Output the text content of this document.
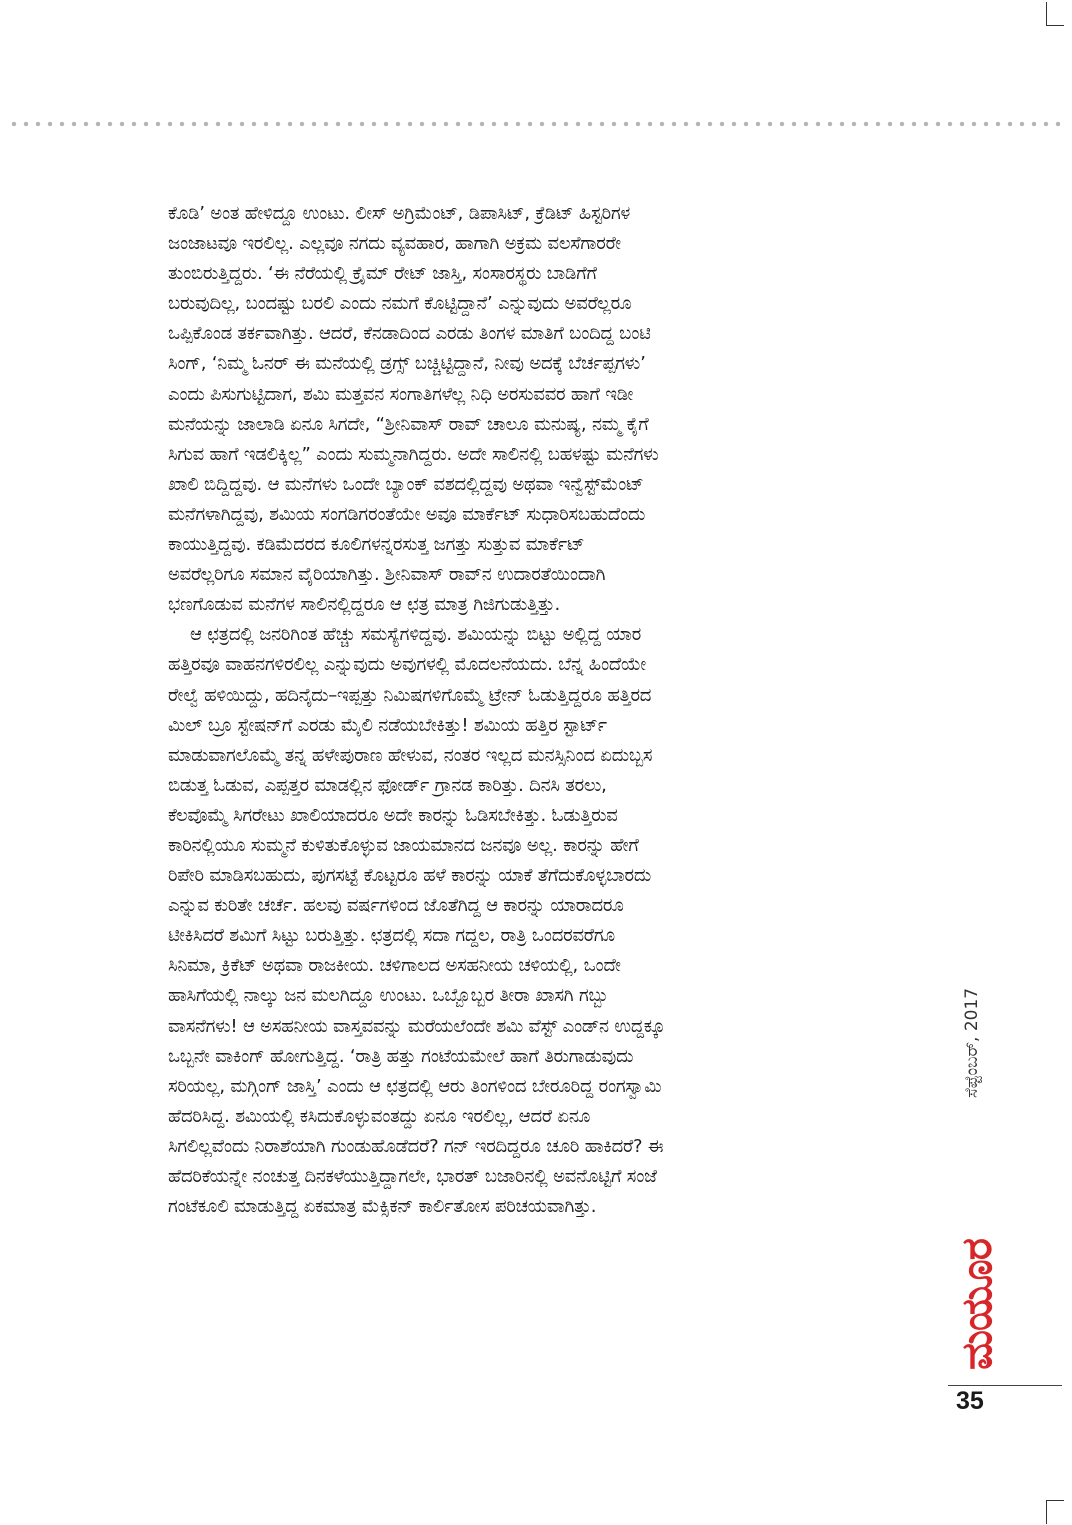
ಕೊಡಿ’ ಅಂತ ಹೇಳಿದ್ದೂ ಉಂಟು. ಲೀಸ್ ಅಗ್ರಿಮೆಂಟ್, ಡಿಪಾಸಿಟ್, ಕ್ರೆಡಿಟ್ ಹಿಸ್ಟರಿಗಳ
ಜಂಜಾಟವೂ ಇರಲಿಲ್ಲ. ಎಲ್ಲವೂ ನಗದು ವ್ಯವಹಾರ, ಹಾಗಾಗಿ ಅಕ್ರಮ ವಲಸೆಗಾರರೇ
ತುಂಬಿರುತ್ತಿದ್ದರು. ‘ಈ ನೆರೆಯಲ್ಲಿ ಕ್ರೈಮ್ ರೇಟ್ ಜಾಸ್ತಿ, ಸಂಸಾರಸ್ಥರು ಬಾಡಿಗೆಗೆ
ಬರುವುದಿಲ್ಲ, ಬಂದಷ್ಟು ಬರಲಿ ಎಂದು ನಮಗೆ ಕೊಟ್ಟಿದ್ದಾನೆ’ ಎನ್ನುವುದು ಅವರೆಲ್ಲರೂ
ಒಪ್ಪಿಕೊಂಡ ತರ್ಕವಾಗಿತ್ತು. ಆದರೆ, ಕೆನಡಾದಿಂದ ಎರಡು ತಿಂಗಳ ಮಾತಿಗೆ ಬಂದಿದ್ದ ಬಂಟಿ
ಸಿಂಗ್, ‘ನಿಮ್ಮ ಓನರ್ ಈ ಮನೆಯಲ್ಲಿ ಡ್ರಗ್ಸ್ ಬಚ್ಚಿಟ್ಟಿದ್ದಾನೆ, ನೀವು ಅದಕ್ಕೆ ಬೆರ್ಚಪ್ಪಗಳು’
ಎಂದು ಪಿಸುಗುಟ್ಟಿದಾಗ, ಶಮಿ ಮತ್ತವನ ಸಂಗಾತಿಗಳೆಲ್ಲ ನಿಧಿ ಅರಸುವವರ ಹಾಗೆ ಇಡೀ
ಮನೆಯನ್ನು ಜಾಲಾಡಿ ಏನೂ ಸಿಗದೇ, “ಶ್ರೀನಿವಾಸ್ ರಾವ್ ಚಾಲೂ ಮನುಷ್ಯ, ನಮ್ಮ ಕೈಗೆ
ಸಿಗುವ ಹಾಗೆ ಇಡಲಿಕ್ಕಿಲ್ಲ” ಎಂದು ಸುಮ್ಮನಾಗಿದ್ದರು. ಅದೇ ಸಾಲಿನಲ್ಲಿ ಬಹಳಷ್ಟು ಮನೆಗಳು
ಖಾಲಿ ಬಿದ್ದಿದ್ದವು. ಆ ಮನೆಗಳು ಒಂದೇ ಬ್ಯಾಂಕ್ ವಶದಲ್ಲಿದ್ದವು ಅಥವಾ ಇನ್ವೆಸ್ಟ್‌ಮೆಂಟ್
ಮನೆಗಳಾಗಿದ್ದವು, ಶಮಿಯ ಸಂಗಡಿಗರಂತೆಯೇ ಅವೂ ಮಾರ್ಕೆಟ್ ಸುಧಾರಿಸಬಹುದೆಂದು
ಕಾಯುತ್ತಿದ್ದವು. ಕಡಿಮೆದರದ ಕೂಲಿಗಳನ್ನರಸುತ್ತ ಜಗತ್ತು ಸುತ್ತುವ ಮಾರ್ಕೆಟ್
ಅವರೆಲ್ಲರಿಗೂ ಸಮಾನ ವೈರಿಯಾಗಿತ್ತು. ಶ್ರೀನಿವಾಸ್ ರಾವ್‌ನ ಉದಾರತೆಯಿಂದಾಗಿ
ಭಣಗೊಡುವ ಮನೆಗಳ ಸಾಲಿನಲ್ಲಿದ್ದರೂ ಆ ಛತ್ರ ಮಾತ್ರ ಗಿಜಿಗುಡುತ್ತಿತ್ತು.
ಆ ಛತ್ರದಲ್ಲಿ ಜನರಿಗಿಂತ ಹೆಚ್ಚು ಸಮಸ್ಯೆಗಳಿದ್ದವು. ಶಮಿಯನ್ನು ಬಿಟ್ಟು ಅಲ್ಲಿದ್ದ ಯಾರ
ಹತ್ತಿರವೂ ವಾಹನಗಳಿರಲಿಲ್ಲ ಎನ್ನುವುದು ಅವುಗಳಲ್ಲಿ ಮೊದಲನೆಯದು. ಬೆನ್ನ ಹಿಂದೆಯೇ
ರೇಲ್ವೆ ಹಳಿಯಿದ್ದು, ಹದಿನೈದು–ಇಪ್ಪತ್ತು ನಿಮಿಷಗಳಿಗೊಮ್ಮೆ ಟ್ರೇನ್ ಓಡುತ್ತಿದ್ದರೂ ಹತ್ತಿರದ
ಮಿಲ್ ಬ್ರೂ ಸ್ಟೇಷನ್‌ಗೆ ಎರಡು ಮೈಲಿ ನಡೆಯಬೇಕಿತ್ತು! ಶಮಿಯ ಹತ್ತಿರ ಸ್ಟಾರ್ಟ್
ಮಾಡುವಾಗಲೊಮ್ಮೆ ತನ್ನ ಹಳೇಪುರಾಣ ಹೇಳುವ, ನಂತರ ಇಲ್ಲದ ಮನಸ್ಸಿನಿಂದ ಏದುಬ್ಬಸ
ಬಿಡುತ್ತ ಓಡುವ, ಎಪ್ಪತ್ತರ ಮಾಡಲ್ಲಿನ ಫೋರ್ಡ್ ಗ್ರಾನಡ ಕಾರಿತ್ತು. ದಿನಸಿ ತರಲು,
ಕೆಲವೊಮ್ಮೆ ಸಿಗರೇಟು ಖಾಲಿಯಾದರೂ ಅದೇ ಕಾರನ್ನು ಓಡಿಸಬೇಕಿತ್ತು. ಓಡುತ್ತಿರುವ
ಕಾರಿನಲ್ಲಿಯೂ ಸುಮ್ಮನೆ ಕುಳಿತುಕೊಳ್ಳುವ ಜಾಯಮಾನದ ಜನವೂ ಅಲ್ಲ. ಕಾರನ್ನು ಹೇಗೆ
ರಿಪೇರಿ ಮಾಡಿಸಬಹುದು, ಪುಗಸಟ್ಟೆ ಕೊಟ್ಟರೂ ಹಳೆ ಕಾರನ್ನು ಯಾಕೆ ತೆಗೆದುಕೊಳ್ಳಬಾರದು
ಎನ್ನುವ ಕುರಿತೇ ಚರ್ಚೆ. ಹಲವು ವರ್ಷಗಳಿಂದ ಜೊತೆಗಿದ್ದ ಆ ಕಾರನ್ನು ಯಾರಾದರೂ
ಟೀಕಿಸಿದರೆ ಶಮಿಗೆ ಸಿಟ್ಟು ಬರುತ್ತಿತ್ತು. ಛತ್ರದಲ್ಲಿ ಸದಾ ಗದ್ದಲ, ರಾತ್ರಿ ಒಂದರವರೆಗೂ
ಸಿನಿಮಾ, ಕ್ರಿಕೆಟ್ ಅಥವಾ ರಾಜಕೀಯ. ಚಳಿಗಾಲದ ಅಸಹನೀಯ ಚಳಿಯಲ್ಲಿ, ಒಂದೇ
ಹಾಸಿಗೆಯಲ್ಲಿ ನಾಲ್ಕು ಜನ ಮಲಗಿದ್ದೂ ಉಂಟು. ಒಬ್ಬೊಬ್ಬರ ತೀರಾ ಖಾಸಗಿ ಗಬ್ಬು
ವಾಸನೆಗಳು! ಆ ಅಸಹನೀಯ ವಾಸ್ತವವನ್ನು ಮರೆಯಲೆಂದೇ ಶಮಿ ವೆಸ್ಟ್ ಎಂಡ್‌ನ ಉದ್ದಕ್ಕೂ
ಒಬ್ಬನೇ ವಾಕಿಂಗ್ ಹೋಗುತ್ತಿದ್ದ. ‘ರಾತ್ರಿ ಹತ್ತು ಗಂಟೆಯಮೇಲೆ ಹಾಗೆ ತಿರುಗಾಡುವುದು
ಸರಿಯಲ್ಲ, ಮಗ್ಗಿಂಗ್ ಜಾಸ್ತಿ’ ಎಂದು ಆ ಛತ್ರದಲ್ಲಿ ಆರು ತಿಂಗಳಿಂದ ಬೇರೂರಿದ್ದ ರಂಗಸ್ವಾಮಿ
ಹೆದರಿಸಿದ್ದ. ಶಮಿಯಲ್ಲಿ ಕಸಿದುಕೊಳ್ಳುವಂತದ್ದು ಏನೂ ಇರಲಿಲ್ಲ, ಆದರೆ ಏನೂ
ಸಿಗಲಿಲ್ಲವೆಂದು ನಿರಾಶೆಯಾಗಿ ಗುಂಡುಹೊಡೆದರೆ? ಗನ್ ಇರದಿದ್ದರೂ ಚೂರಿ ಹಾಕಿದರೆ? ಈ
ಹೆದರಿಕೆಯನ್ನೇ ನಂಚುತ್ತ ದಿನಕಳೆಯುತ್ತಿದ್ದಾಗಲೇ, ಭಾರತ್ ಬಜಾರಿನಲ್ಲಿ ಅವನೊಟ್ಟಿಗೆ ಸಂಜೆ
ಗಂಟೆಕೂಲಿ ಮಾಡುತ್ತಿದ್ದ ಏಕಮಾತ್ರ ಮೆಕ್ಸಿಕನ್ ಕಾರ್ಲಿತೋಸ ಪರಿಚಯವಾಗಿತ್ತು.
ಸೆಪ್ಟೆಂಬರ್, 2017
ಮಯೂರ
35
